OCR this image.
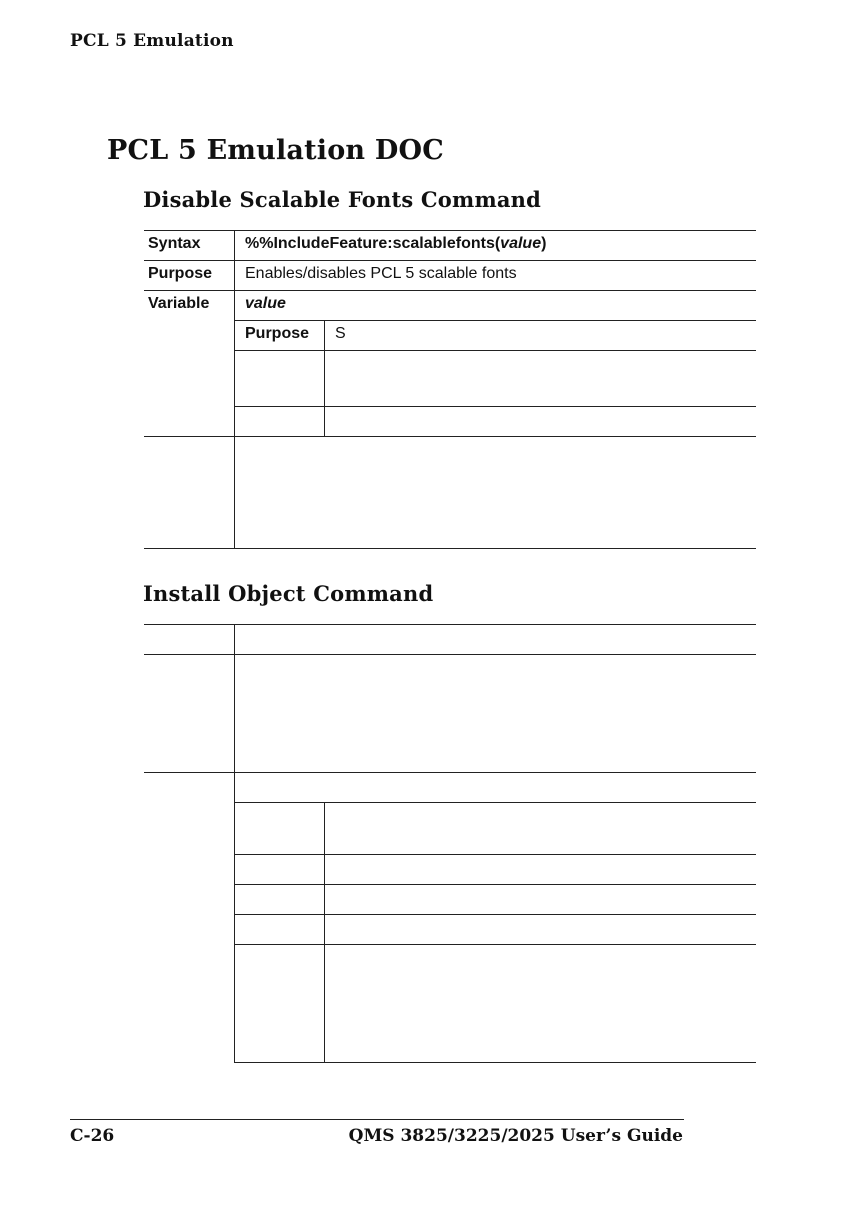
PCL 5 Emulation
PCL 5 Emulation DOC
Disable Scalable Fonts Command
Syntax	%%IncludeFeature:scalablefonts(value)
Purpose Enables/disables PCL 5 scalable fonts
Variable value
Purpose S
Install Object Command
C-26	QMS 3825/3225/2025 User’s Guide
